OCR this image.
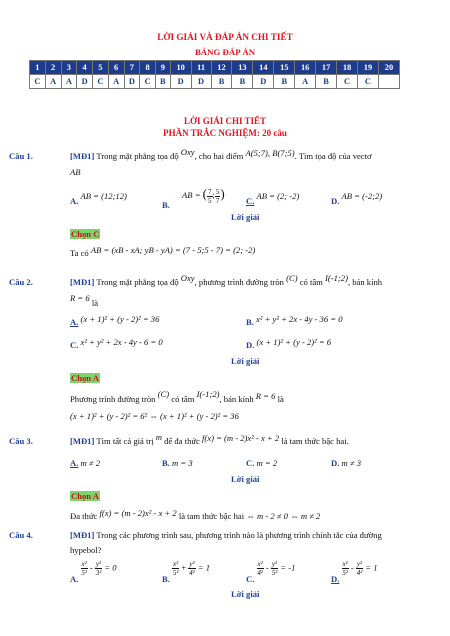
LỜI GIẢI VÀ ĐÁP ÁN CHI TIẾT
BẢNG ĐÁP ÁN
1	2	3	4	5	6	7	8	9	10	11	12	13	14	15	16	17	18	19	20
C	A	A	D	C	A	D	C	B	D	D	B	B	D	B	A	B	C	C	
LỜI GIẢI CHI TIẾT
PHẦN TRẮC NGHIỆM: 20 câu
Câu 1.	[MĐ1] Trong mặt phẳng tọa độ Oxy, cho hai điểm A(5;7), B(7;5). Tìm tọa độ của vectơ
AB
A. AB = (12;12)
B. AB = ( $\frac{7}{5}$ ; $\frac{5}{7}$ ) C. AB = (2; -2)	D. AB = (-2;2)
Lời giải
Chọn C
Ta có AB = (xB - xA; yB - yA) = (7 - 5;5 - 7) = (2; -2)
Câu 2.	[MĐ1] Trong mặt phẳng tọa độ Oxy, phương trình đường tròn (C) có tâm I(-1;2), bán kính
R = 6 là
A. (x + 1)² + (y - 2)² = 36	B. x² + y² + 2x - 4y - 36 = 0
C. x² + y² + 2x - 4y - 6 = 0	D. (x + 1)² + (y - 2)² = 6
Lời giải
Chọn A
Phương trình đường tròn (C) có tâm I(-1;2), bán kính R = 6 là
(x + 1)² + (y - 2)² = 6² ⇔ (x + 1)² + (y - 2)² = 36
Câu 3.	[MĐ1] Tìm tất cả giá trị m để đa thức f(x) = (m - 2)x² - x + 2 là tam thức bậc hai.
A. m ≠ 2	B. m = 3	C. m = 2	D. m ≠ 3
Lời giải
Chọn A
Đa thức f(x) = (m - 2)x² - x + 2 là tam thức bậc hai ⇔ m - 2 ≠ 0 ⇔ m ≠ 2
Câu 4.	[MĐ1] Trong các phương trình sau, phương trình nào là phương trình chính tắc của đường
hypebol?
A.
$\frac{\text{x²}}{\text{5²}} - \frac{\text{y²}}{\text{3²}} = 0$
B.
$\frac{\text{x²}}{\text{5²}} + \frac{\text{y²}}{\text{4²}} = 1$
C.
$\frac{\text{x²}}{\text{4²}} - \frac{\text{y²}}{\text{5²}} = -1$
D.
$\frac{\text{x²}}{\text{5²}} - \frac{\text{y²}}{\text{4²}} = 1$
Lời giải
